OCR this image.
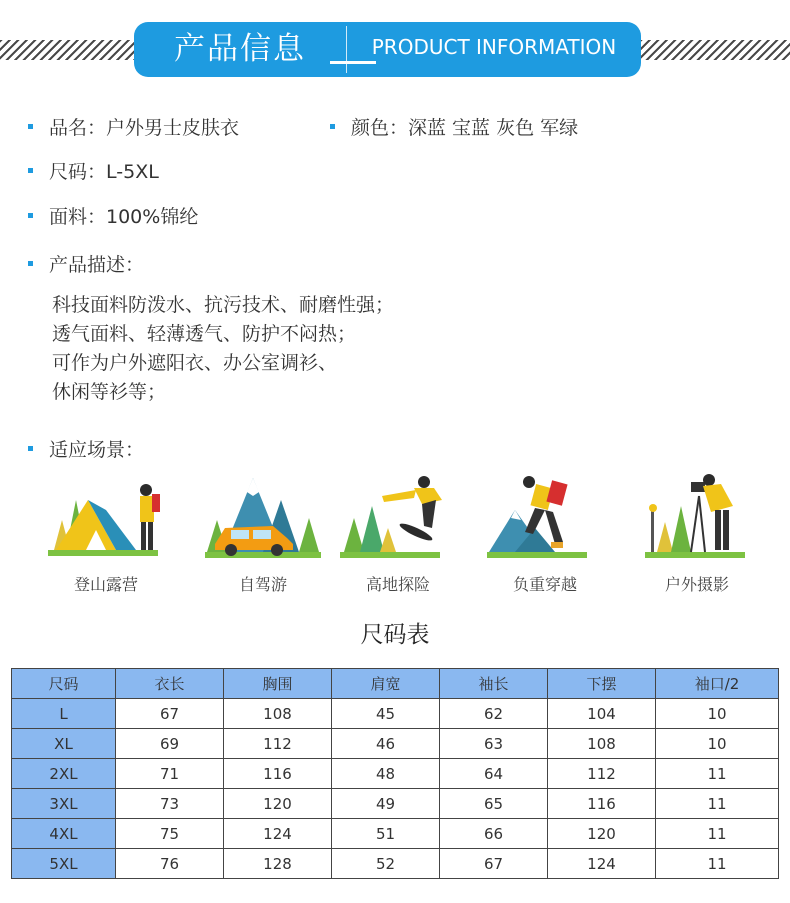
产品信息	PRODUCT INFORMATION
品名：户外男士皮肤衣	颜色：深蓝 宝蓝 灰色 军绿
尺码：L-5XL
面料：100%锦纶
产品描述：
科技面料防泼水、抗污技术、耐磨性强；
透气面料、轻薄透气、防护不闷热；
可作为户外遮阳衣、办公室调衫、
休闲等衫等；
适应场景：
登山露营	自驾游	高地探险	负重穿越	户外摄影
尺码表
尺码	衣长	胸围	肩宽	袖长	下摆	袖口/2
L	67	108	45	62	104	10
XL	69	112	46	63	108	10
2XL	71	116	48	64	112	11
3XL	73	120	49	65	116	11
4XL	75	124	51	66	120	11
5XL	76	128	52	67	124	11
